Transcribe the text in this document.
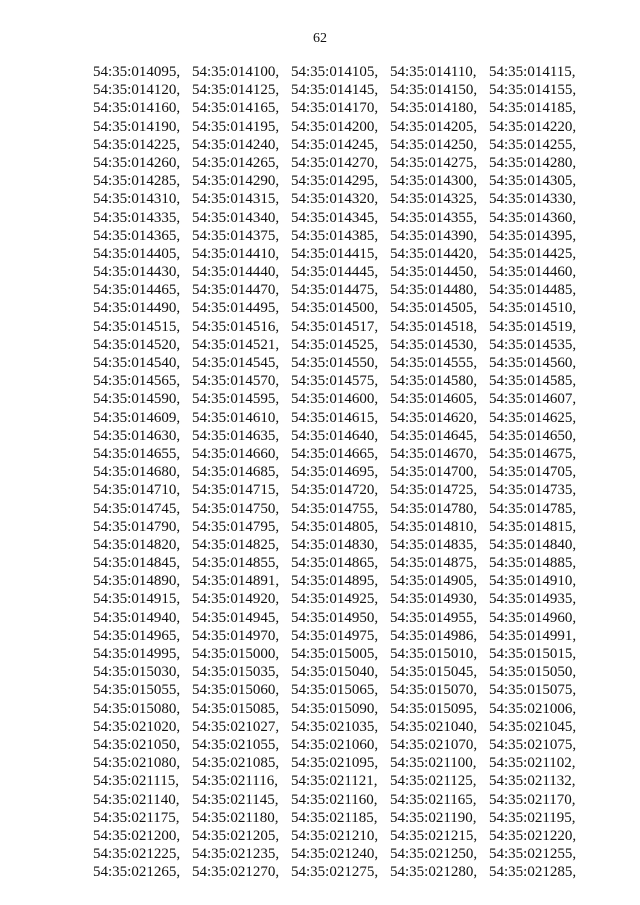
62
54:35:014095, 54:35:014100, 54:35:014105, 54:35:014110, 54:35:014115,
54:35:014120, 54:35:014125, 54:35:014145, 54:35:014150, 54:35:014155,
54:35:014160, 54:35:014165, 54:35:014170, 54:35:014180, 54:35:014185,
54:35:014190, 54:35:014195, 54:35:014200, 54:35:014205, 54:35:014220,
54:35:014225, 54:35:014240, 54:35:014245, 54:35:014250, 54:35:014255,
54:35:014260, 54:35:014265, 54:35:014270, 54:35:014275, 54:35:014280,
54:35:014285, 54:35:014290, 54:35:014295, 54:35:014300, 54:35:014305,
54:35:014310, 54:35:014315, 54:35:014320, 54:35:014325, 54:35:014330,
54:35:014335, 54:35:014340, 54:35:014345, 54:35:014355, 54:35:014360,
54:35:014365, 54:35:014375, 54:35:014385, 54:35:014390, 54:35:014395,
54:35:014405, 54:35:014410, 54:35:014415, 54:35:014420, 54:35:014425,
54:35:014430, 54:35:014440, 54:35:014445, 54:35:014450, 54:35:014460,
54:35:014465, 54:35:014470, 54:35:014475, 54:35:014480, 54:35:014485,
54:35:014490, 54:35:014495, 54:35:014500, 54:35:014505, 54:35:014510,
54:35:014515, 54:35:014516, 54:35:014517, 54:35:014518, 54:35:014519,
54:35:014520, 54:35:014521, 54:35:014525, 54:35:014530, 54:35:014535,
54:35:014540, 54:35:014545, 54:35:014550, 54:35:014555, 54:35:014560,
54:35:014565, 54:35:014570, 54:35:014575, 54:35:014580, 54:35:014585,
54:35:014590, 54:35:014595, 54:35:014600, 54:35:014605, 54:35:014607,
54:35:014609, 54:35:014610, 54:35:014615, 54:35:014620, 54:35:014625,
54:35:014630, 54:35:014635, 54:35:014640, 54:35:014645, 54:35:014650,
54:35:014655, 54:35:014660, 54:35:014665, 54:35:014670, 54:35:014675,
54:35:014680, 54:35:014685, 54:35:014695, 54:35:014700, 54:35:014705,
54:35:014710, 54:35:014715, 54:35:014720, 54:35:014725, 54:35:014735,
54:35:014745, 54:35:014750, 54:35:014755, 54:35:014780, 54:35:014785,
54:35:014790, 54:35:014795, 54:35:014805, 54:35:014810, 54:35:014815,
54:35:014820, 54:35:014825, 54:35:014830, 54:35:014835, 54:35:014840,
54:35:014845, 54:35:014855, 54:35:014865, 54:35:014875, 54:35:014885,
54:35:014890, 54:35:014891, 54:35:014895, 54:35:014905, 54:35:014910,
54:35:014915, 54:35:014920, 54:35:014925, 54:35:014930, 54:35:014935,
54:35:014940, 54:35:014945, 54:35:014950, 54:35:014955, 54:35:014960,
54:35:014965, 54:35:014970, 54:35:014975, 54:35:014986, 54:35:014991,
54:35:014995, 54:35:015000, 54:35:015005, 54:35:015010, 54:35:015015,
54:35:015030, 54:35:015035, 54:35:015040, 54:35:015045, 54:35:015050,
54:35:015055, 54:35:015060, 54:35:015065, 54:35:015070, 54:35:015075,
54:35:015080, 54:35:015085, 54:35:015090, 54:35:015095, 54:35:021006,
54:35:021020, 54:35:021027, 54:35:021035, 54:35:021040, 54:35:021045,
54:35:021050, 54:35:021055, 54:35:021060, 54:35:021070, 54:35:021075,
54:35:021080, 54:35:021085, 54:35:021095, 54:35:021100, 54:35:021102,
54:35:021115, 54:35:021116, 54:35:021121, 54:35:021125, 54:35:021132,
54:35:021140, 54:35:021145, 54:35:021160, 54:35:021165, 54:35:021170,
54:35:021175, 54:35:021180, 54:35:021185, 54:35:021190, 54:35:021195,
54:35:021200, 54:35:021205, 54:35:021210, 54:35:021215, 54:35:021220,
54:35:021225, 54:35:021235, 54:35:021240, 54:35:021250, 54:35:021255,
54:35:021265, 54:35:021270, 54:35:021275, 54:35:021280, 54:35:021285,
